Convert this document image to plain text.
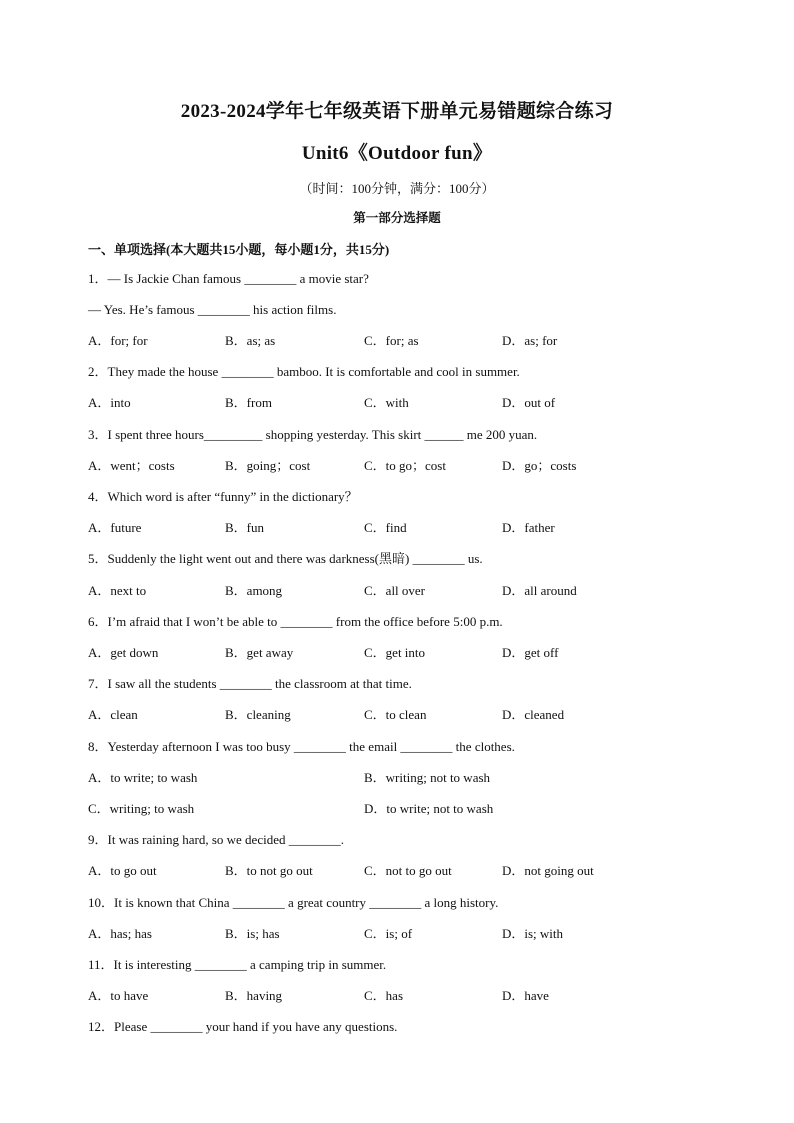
2023-2024学年七年级英语下册单元易错题综合练习
Unit6《Outdoor fun》
（时间：100分钟，满分：100分）
第一部分选择题
一、单项选择(本大题共15小题，每小题1分，共15分)
1．— Is Jackie Chan famous ________ a movie star?
— Yes. He’s famous ________ his action films.
A．for; for	B．as; as	C．for; as	D．as; for
2．They made the house ________ bamboo. It is comfortable and cool in summer.
A．into	B．from	C．with	D．out of
3．I spent three hours_________ shopping yesterday. This skirt ______ me 200 yuan.
A．went；costs	B．going；cost	C．to go；cost	D．go；costs
4．Which word is after “funny” in the dictionary？
A．future	B．fun	C．find	D．father
5．Suddenly the light went out and there was darkness(黑暗) ________ us.
A．next to	B．among	C．all over	D．all around
6．I’m afraid that I won’t be able to ________ from the office before 5:00 p.m.
A．get down	B．get away	C．get into	D．get off
7．I saw all the students ________ the classroom at that time.
A．clean	B．cleaning	C．to clean	D．cleaned
8．Yesterday afternoon I was too busy ________ the email ________ the clothes.
A．to write; to wash	B．writing; not to wash
C．writing; to wash	D．to write; not to wash
9．It was raining hard, so we decided ________.
A．to go out	B．to not go out	C．not to go out	D．not going out
10．It is known that China ________ a great country ________ a long history.
A．has; has	B．is; has	C．is; of	D．is; with
11．It is interesting ________ a camping trip in summer.
A．to have	B．having	C．has	D．have
12．Please ________ your hand if you have any questions.
